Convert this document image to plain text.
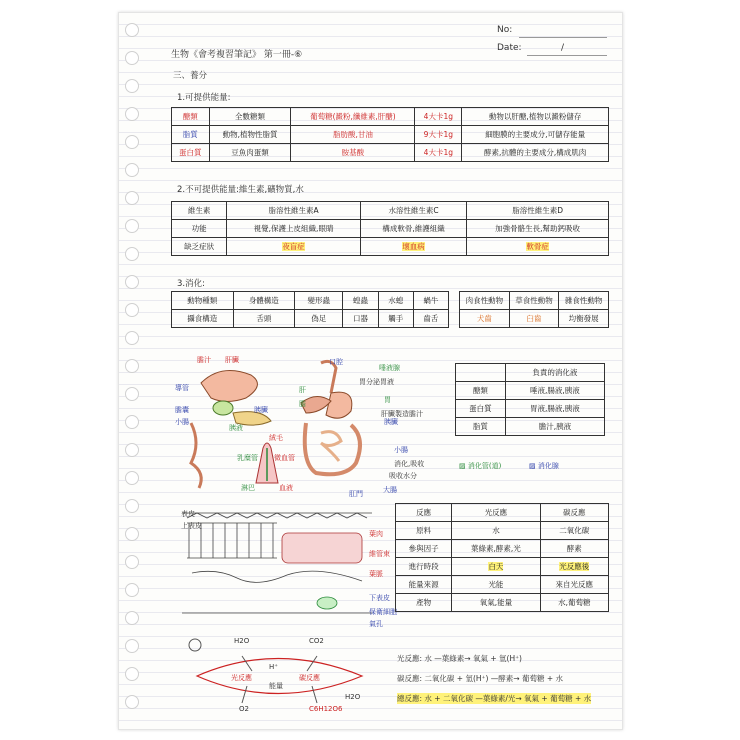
No:
Date:	/
生物《會考複習筆記》 第一冊-⑥
三、養分
1.可提供能量:
醣類	全數糖類	葡萄糖(澱粉,纖維素,肝醣)	4大卡1g	動物以肝醣,植物以澱粉儲存
脂質	動物,植物性脂質	脂肪酸,甘油	9大卡1g	細胞膜的主要成分,可儲存能量
蛋白質	豆魚肉蛋類	胺基酸	4大卡1g	酵素,抗體的主要成分,構成肌肉
2.不可提供能量:維生素,礦物質,水
維生素	脂溶性維生素A	水溶性維生素C	脂溶性維生素D
功能	視覺,保護上皮組織,眼睛	構成軟骨,維護組織	加強骨骼生長,幫助鈣吸收
缺乏症狀	夜盲症	壞血病	軟骨症
3.消化:
動物種類	身體構造	變形蟲	蝗蟲	水螅	蝸牛
攝食構造	舌頭	偽足	口器	觸手	齒舌
肉食性動物	草食性動物	雜食性動物
犬齒	臼齒	均衡發展
膽汁 肝臟
導管
膽囊
小腸
胰臟
胰液
絨毛
乳糜管 微血管
淋巴	血液
口腔
唾液腺
胃
肝
膽
大腸
小腸
肛門
胰臟
肝臟製造膽汁
胃分泌胃液
吸收水分
消化,吸收
	負責的消化液
醣類	唾液,腸液,胰液
蛋白質	胃液,腸液,胰液
脂質	膽汁,胰液
▨ 消化管(道)	▨ 消化腺
表皮
上表皮
葉肉
維管束
葉脈
下表皮
保衛細胞
氣孔
反應	光反應	碳反應
原料	水	二氧化碳
參與因子	葉綠素,酵素,光	酵素
進行時段	白天	光反應後
能量來源	光能	來自光反應
產物	氧氣,能量	水,葡萄糖
H2O	CO2
光反應	碳反應
O2	C6H12O6
H⁺
能量
H2O
光反應: 水 —葉綠素→ 氧氣 + 氫(H⁺)
碳反應: 二氧化碳 + 氫(H⁺) —酵素→ 葡萄糖 + 水
總反應: 水 + 二氧化碳 —葉綠素/光→ 氧氣 + 葡萄糖 + 水
